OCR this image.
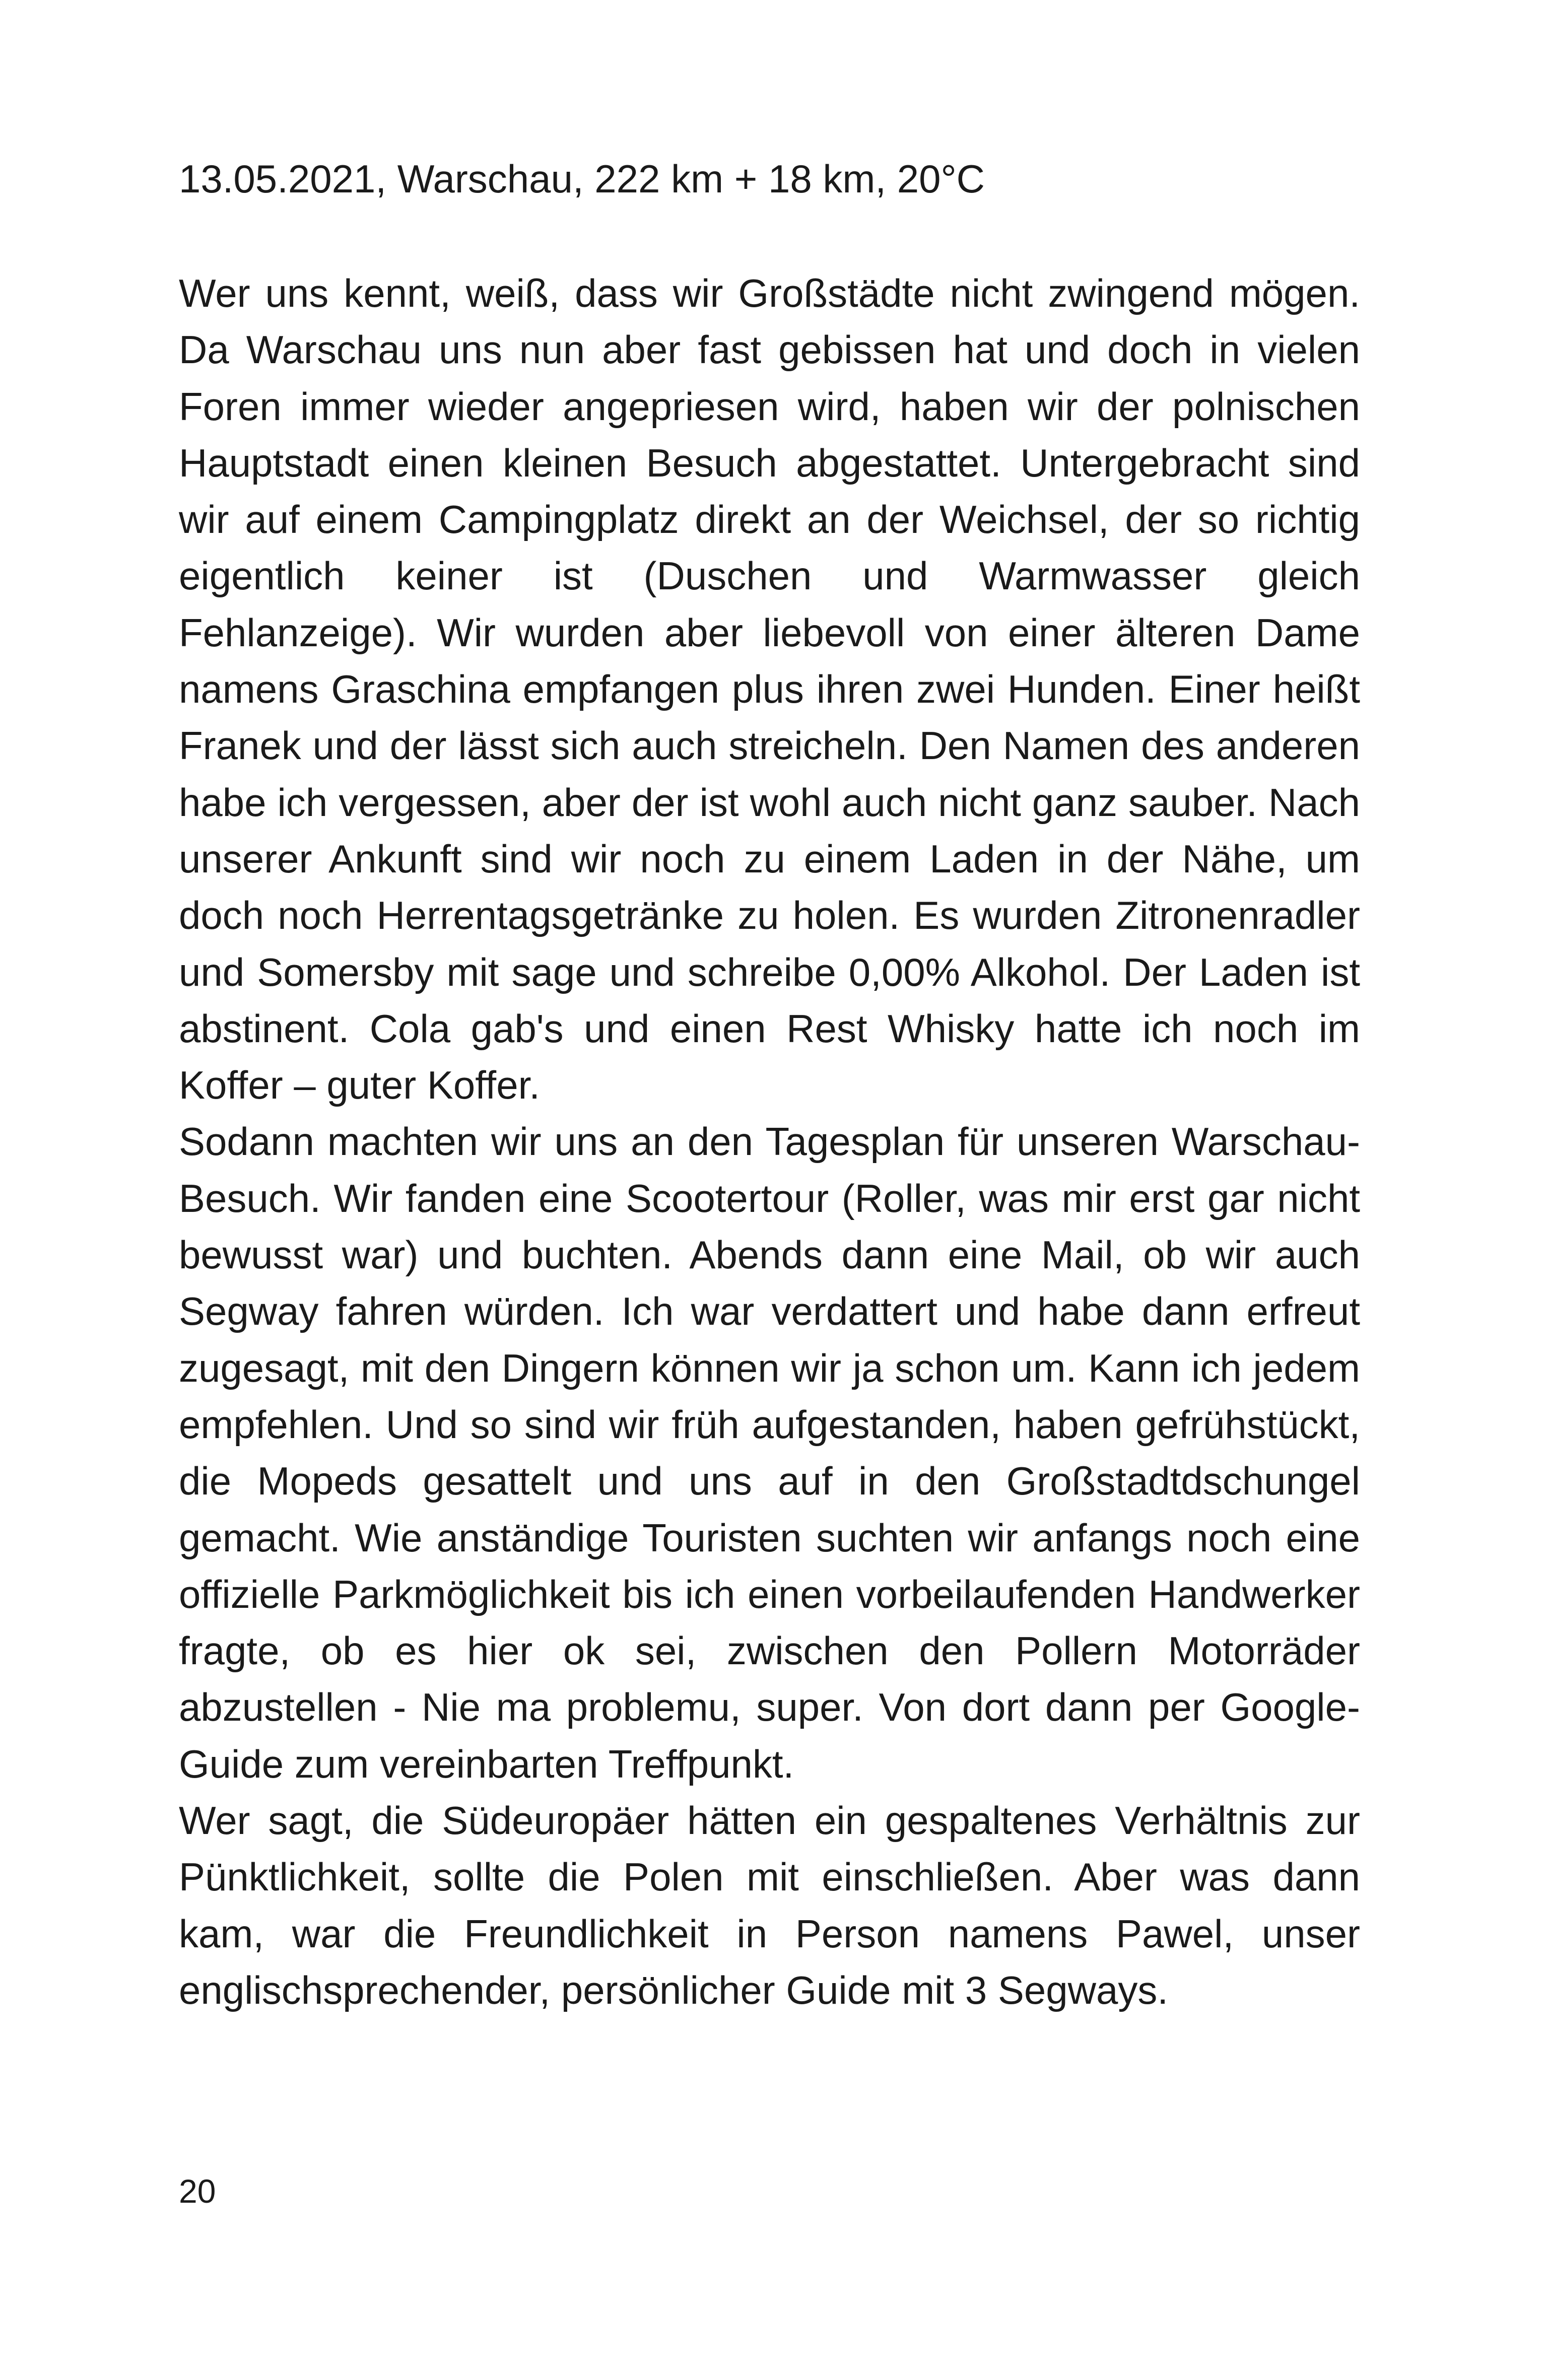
13.05.2021, Warschau, 222 km + 18 km, 20°C

Wer uns kennt, weiß, dass wir Großstädte nicht zwingend mögen. Da Warschau uns nun aber fast gebissen hat und doch in vielen Foren immer wieder angepriesen wird, haben wir der polnischen Hauptstadt einen kleinen Besuch abgestattet. Untergebracht sind wir auf einem Campingplatz direkt an der Weichsel, der so richtig eigentlich keiner ist (Duschen und Warmwasser gleich Fehlanzeige). Wir wurden aber liebevoll von einer älteren Dame namens Graschina empfangen plus ihren zwei Hunden. Einer heißt Franek und der lässt sich auch streicheln. Den Namen des anderen habe ich vergessen, aber der ist wohl auch nicht ganz sauber. Nach unserer Ankunft sind wir noch zu einem Laden in der Nähe, um doch noch Herrentagsgetränke zu holen. Es wurden Zitronenradler und Somersby mit sage und schreibe 0,00% Alkohol. Der Laden ist abstinent. Cola gab's und einen Rest Whisky hatte ich noch im Koffer – guter Koffer.

Sodann machten wir uns an den Tagesplan für unseren Warschau-Besuch. Wir fanden eine Scootertour (Roller, was mir erst gar nicht bewusst war) und buchten. Abends dann eine Mail, ob wir auch Segway fahren würden. Ich war verdattert und habe dann erfreut zugesagt, mit den Dingern können wir ja schon um. Kann ich jedem empfehlen. Und so sind wir früh aufgestanden, haben gefrühstückt, die Mopeds gesattelt und uns auf in den Großstadtdschungel gemacht. Wie anständige Touristen suchten wir anfangs noch eine offizielle Parkmöglichkeit bis ich einen vorbeilaufenden Handwerker fragte, ob es hier ok sei, zwischen den Pollern Motorräder abzustellen - Nie ma problemu, super. Von dort dann per Google-Guide zum vereinbarten Treffpunkt.

Wer sagt, die Südeuropäer hätten ein gespaltenes Verhältnis zur Pünktlichkeit, sollte die Polen mit einschließen. Aber was dann kam, war die Freundlichkeit in Person namens Pawel, unser englischsprechender, persönlicher Guide mit 3 Segways.

20
